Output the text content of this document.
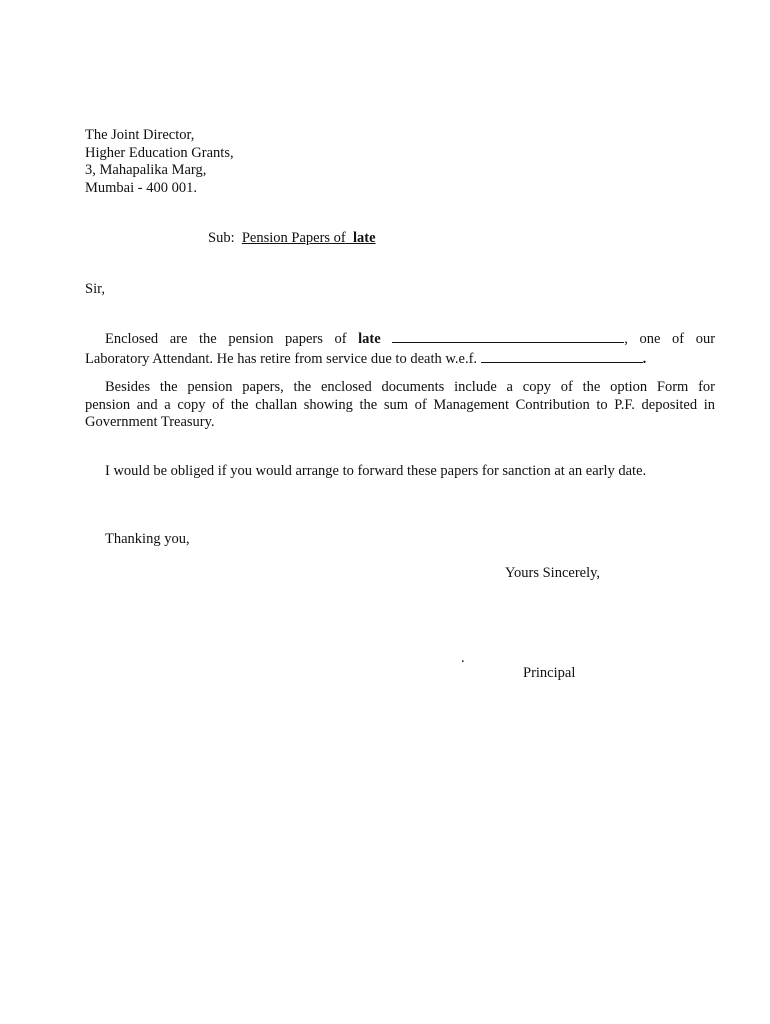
The Joint Director,
Higher Education Grants,
3, Mahapalika Marg,
Mumbai - 400 001.
Sub: Pension Papers of late
Sir,
Enclosed are the pension papers of late	, one of our
Laboratory Attendant. He has retire from service due to death w.e.f.	.
Besides the pension papers, the enclosed documents include a copy of the option Form for
pension and a copy of the challan showing the sum of Management Contribution to P.F. deposited in
Government Treasury.
I would be obliged if you would arrange to forward these papers for sanction at an early date.
Thanking you,
Yours Sincerely,
.
Principal
